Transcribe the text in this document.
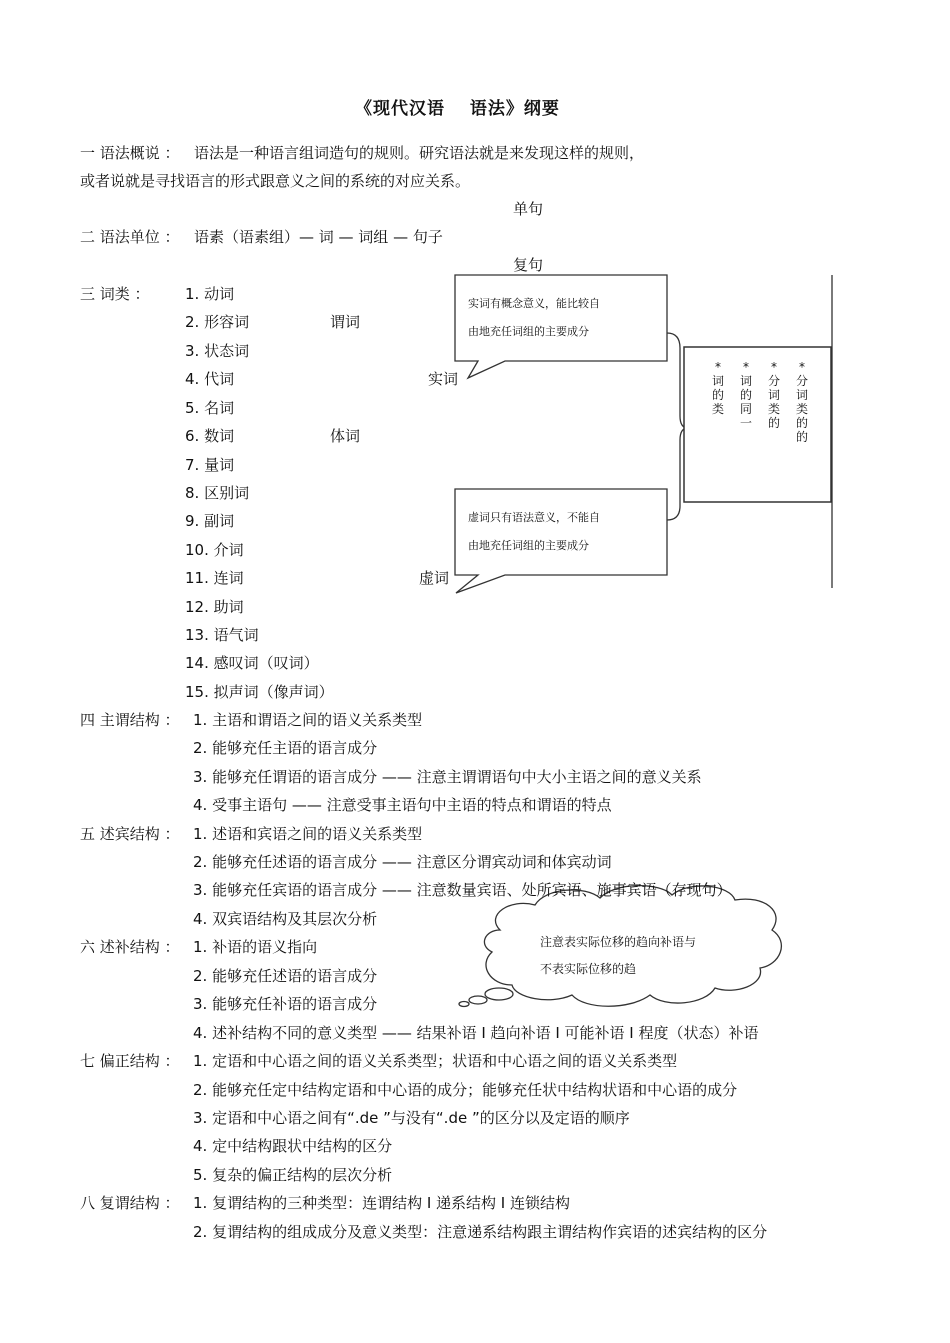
《现代汉语　 语法》纲要
一 语法概说 ： 语法是一种语言组词造句的规则。研究语法就是来发现这样的规则，
或者说就是寻找语言的形式跟意义之间的系统的对应关系。
单句
二 语法单位 ： 语素（语素组）— 词 — 词组 — 句子
复句
三 词类 ： 1. 动词
2. 形容词
3. 状态词
4. 代词
5. 名词
6. 数词
7. 量词
8. 区别词
9. 副词
10. 介词
11. 连词
12. 助词
13. 语气词
14. 感叹词（叹词）
15. 拟声词（像声词）
谓词
体词
实词
虚词
实词有概念意义，能比较自
由地充任词组的主要成分
虚词只有语法意义，不能自
由地充任词组的主要成分
*词的类
*词的同一
*分词类的
*分词类的的
四 主谓结构 ： 1. 主语和谓语之间的语义关系类型
2. 能够充任主语的语言成分
3. 能够充任谓语的语言成分 —— 注意主谓谓语句中大小主语之间的意义关系
4. 受事主语句 —— 注意受事主语句中主语的特点和谓语的特点
五 述宾结构 ： 1. 述语和宾语之间的语义关系类型
2. 能够充任述语的语言成分 —— 注意区分谓宾动词和体宾动词
3. 能够充任宾语的语言成分 —— 注意数量宾语、处所宾语、施事宾语（存现句）
4. 双宾语结构及其层次分析
六 述补结构 ： 1. 补语的语义指向
2. 能够充任述语的语言成分
3. 能够充任补语的语言成分
4. 述补结构不同的意义类型 —— 结果补语 Ⅰ 趋向补语 Ⅰ 可能补语 Ⅰ 程度（状态）补语
注意表实际位移的趋向补语与
不表实际位移的趋
七 偏正结构 ： 1. 定语和中心语之间的语义关系类型；状语和中心语之间的语义关系类型
2. 能够充任定中结构定语和中心语的成分；能够充任状中结构状语和中心语的成分
3. 定语和中心语之间有“.de ”与没有“.de ”的区分以及定语的顺序
4. 定中结构跟状中结构的区分
5. 复杂的偏正结构的层次分析
八 复谓结构 ： 1. 复谓结构的三种类型：连谓结构 Ⅰ 递系结构 Ⅰ 连锁结构
2. 复谓结构的组成成分及意义类型：注意递系结构跟主谓结构作宾语的述宾结构的区分
